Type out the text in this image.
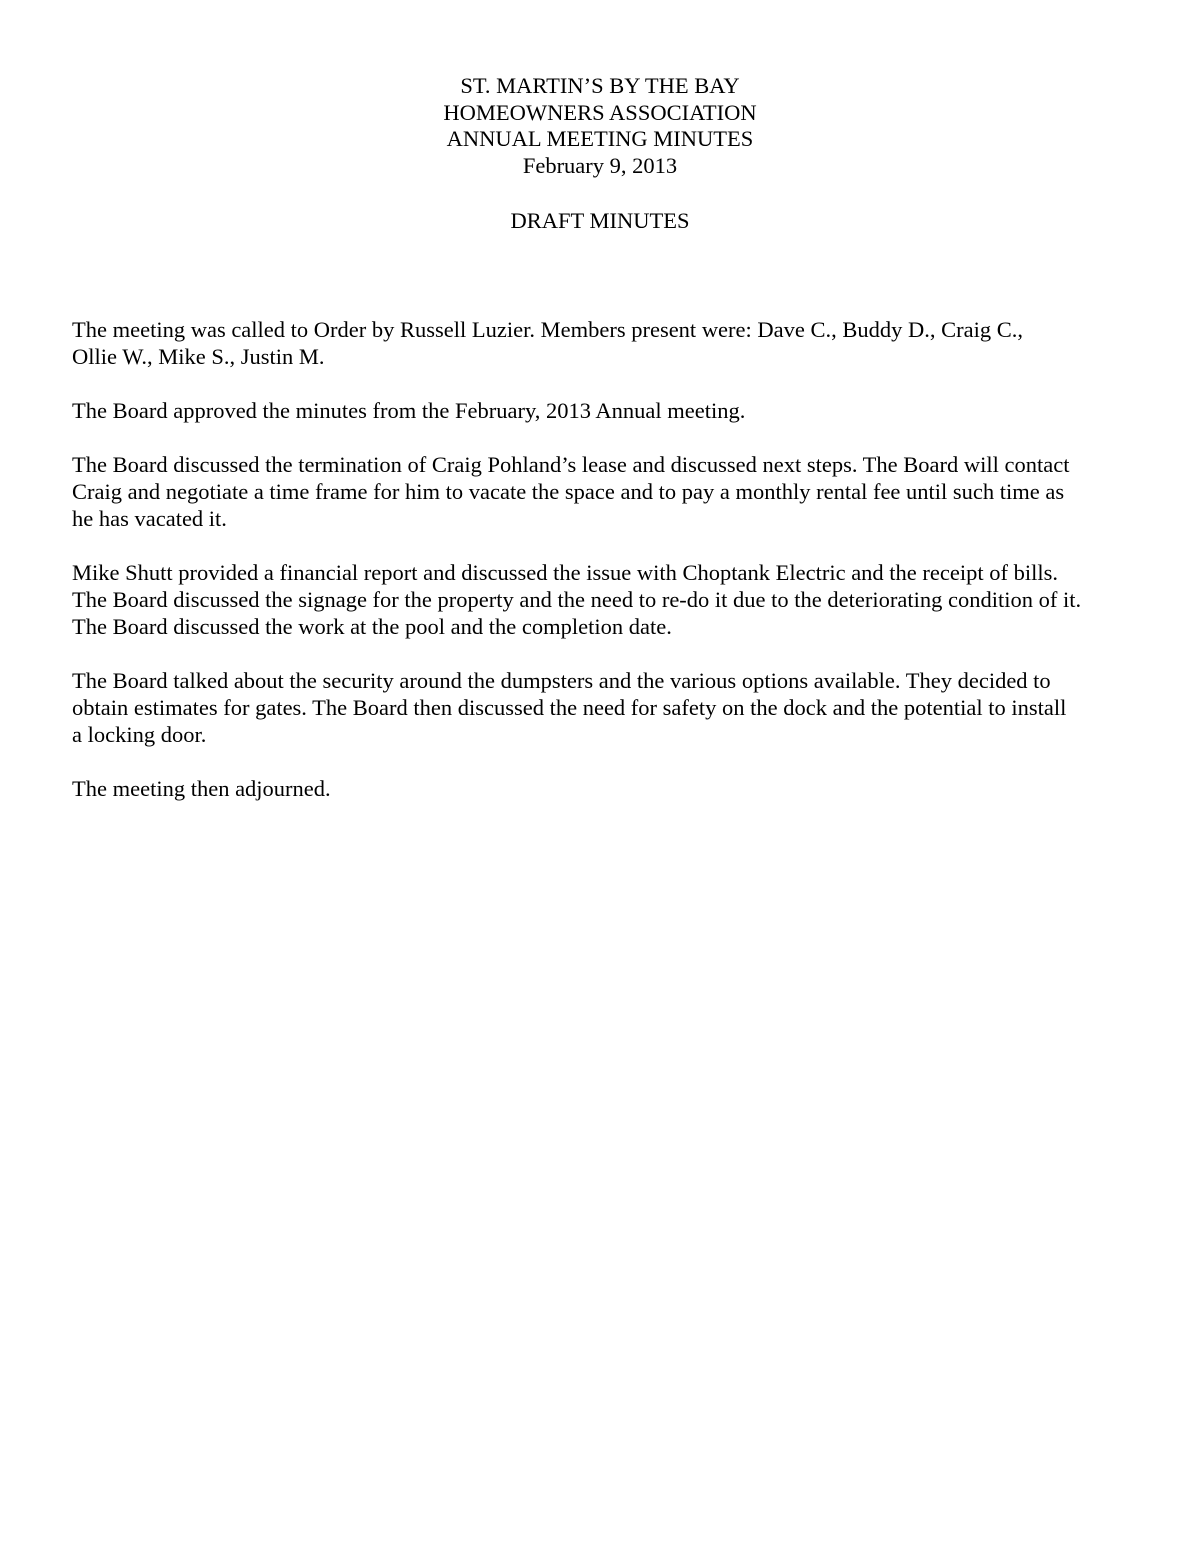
ST. MARTIN’S BY THE BAY
HOMEOWNERS ASSOCIATION
ANNUAL MEETING MINUTES
February 9, 2013
DRAFT MINUTES

The meeting was called to Order by Russell Luzier. Members present were: Dave C., Buddy D., Craig C.,
Ollie W., Mike S., Justin M.

The Board approved the minutes from the February, 2013 Annual meeting.

The Board discussed the termination of Craig Pohland’s lease and discussed next steps. The Board will contact
Craig and negotiate a time frame for him to vacate the space and to pay a monthly rental fee until such time as
he has vacated it.

Mike Shutt provided a financial report and discussed the issue with Choptank Electric and the receipt of bills.
The Board discussed the signage for the property and the need to re-do it due to the deteriorating condition of it.
The Board discussed the work at the pool and the completion date.

The Board talked about the security around the dumpsters and the various options available. They decided to
obtain estimates for gates. The Board then discussed the need for safety on the dock and the potential to install
a locking door.

The meeting then adjourned.
